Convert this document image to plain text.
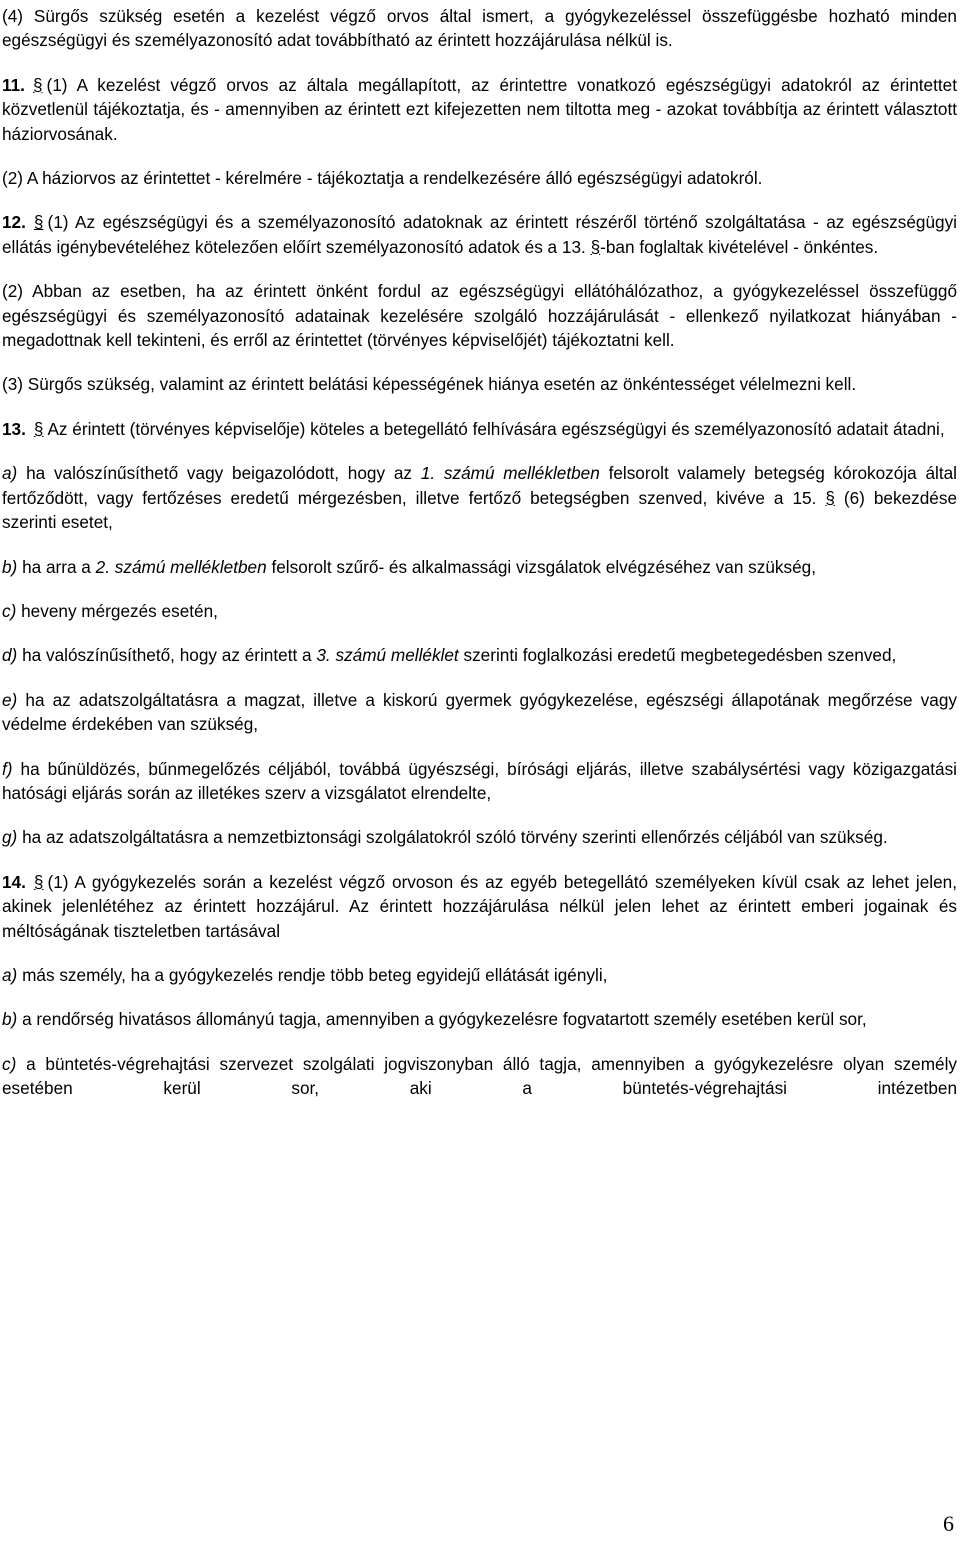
(4) Sürgős szükség esetén a kezelést végző orvos által ismert, a gyógykezeléssel összefüggésbe hozható minden egészségügyi és személyazonosító adat továbbítható az érintett hozzájárulása nélkül is.

11. § (1) A kezelést végző orvos az általa megállapított, az érintettre vonatkozó egészségügyi adatokról az érintettet közvetlenül tájékoztatja, és - amennyiben az érintett ezt kifejezetten nem tiltotta meg - azokat továbbítja az érintett választott háziorvosának.

(2) A háziorvos az érintettet - kérelmére - tájékoztatja a rendelkezésére álló egészségügyi adatokról.

12. § (1) Az egészségügyi és a személyazonosító adatoknak az érintett részéről történő szolgáltatása - az egészségügyi ellátás igénybevételéhez kötelezően előírt személyazonosító adatok és a 13. §-ban foglaltak kivételével - önkéntes.

(2) Abban az esetben, ha az érintett önként fordul az egészségügyi ellátóhálózathoz, a gyógykezeléssel összefüggő egészségügyi és személyazonosító adatainak kezelésére szolgáló hozzájárulását - ellenkező nyilatkozat hiányában - megadottnak kell tekinteni, és erről az érintettet (törvényes képviselőjét) tájékoztatni kell.

(3) Sürgős szükség, valamint az érintett belátási képességének hiánya esetén az önkéntességet vélelmezni kell.

13. § Az érintett (törvényes képviselője) köteles a betegellátó felhívására egészségügyi és személyazonosító adatait átadni,

a) ha valószínűsíthető vagy beigazolódott, hogy az 1. számú mellékletben felsorolt valamely betegség kórokozója által fertőződött, vagy fertőzéses eredetű mérgezésben, illetve fertőző betegségben szenved, kivéve a 15. § (6) bekezdése szerinti esetet,

b) ha arra a 2. számú mellékletben felsorolt szűrő- és alkalmassági vizsgálatok elvégzéséhez van szükség,

c) heveny mérgezés esetén,

d) ha valószínűsíthető, hogy az érintett a 3. számú melléklet szerinti foglalkozási eredetű megbetegedésben szenved,

e) ha az adatszolgáltatásra a magzat, illetve a kiskorú gyermek gyógykezelése, egészségi állapotának megőrzése vagy védelme érdekében van szükség,

f) ha bűnüldözés, bűnmegelőzés céljából, továbbá ügyészségi, bírósági eljárás, illetve szabálysértési vagy közigazgatási hatósági eljárás során az illetékes szerv a vizsgálatot elrendelte,

g) ha az adatszolgáltatásra a nemzetbiztonsági szolgálatokról szóló törvény szerinti ellenőrzés céljából van szükség.

14. § (1) A gyógykezelés során a kezelést végző orvoson és az egyéb betegellátó személyeken kívül csak az lehet jelen, akinek jelenlétéhez az érintett hozzájárul. Az érintett hozzájárulása nélkül jelen lehet az érintett emberi jogainak és méltóságának tiszteletben tartásával

a) más személy, ha a gyógykezelés rendje több beteg egyidejű ellátását igényli,

b) a rendőrség hivatásos állományú tagja, amennyiben a gyógykezelésre fogvatartott személy esetében kerül sor,

c) a büntetés-végrehajtási szervezet szolgálati jogviszonyban álló tagja, amennyiben a gyógykezelésre olyan személy esetében kerül sor, aki a büntetés-végrehajtási intézetben

6
